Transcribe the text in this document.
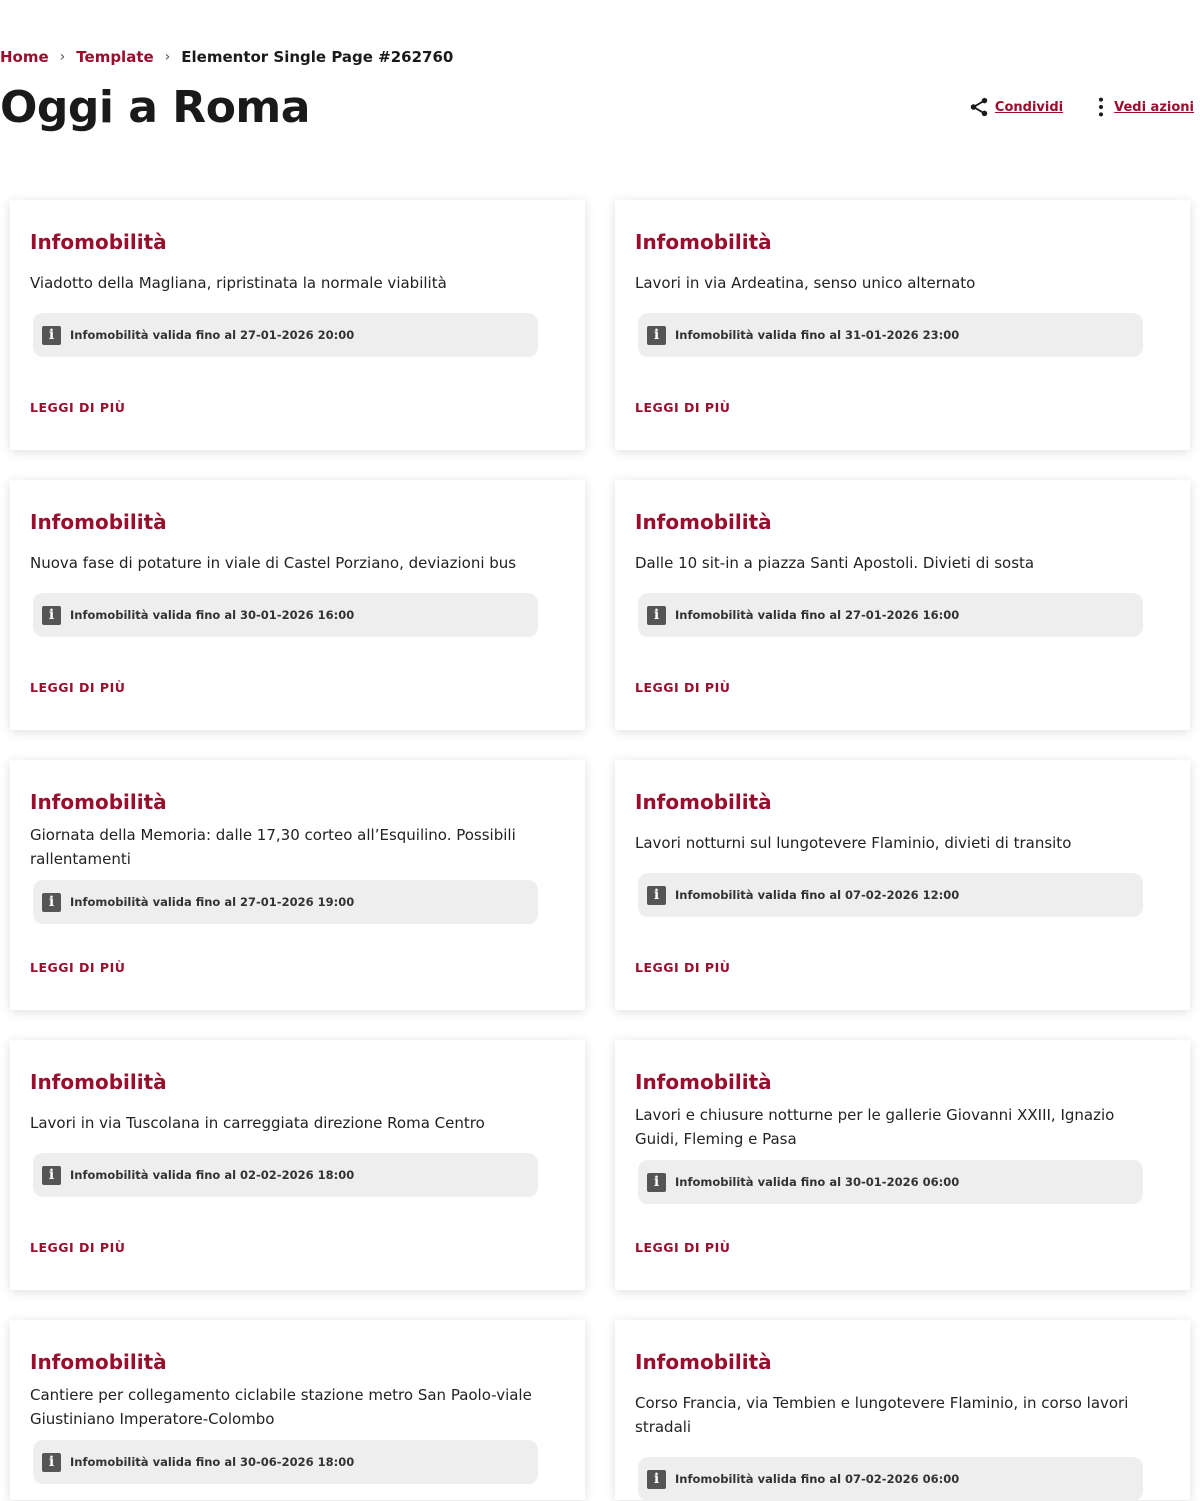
Home › Template › Elementor Single Page #262760
Oggi a Roma	Condividi	Vedi azioni
Infomobilità

Viadotto della Magliana, ripristinata la normale viabilità

i	Infomobilità valida fino al 27-01-2026 20:00
LEGGI DI PIÙ
Infomobilità

Lavori in via Ardeatina, senso unico alternato

i	Infomobilità valida fino al 31-01-2026 23:00
LEGGI DI PIÙ
Infomobilità

Nuova fase di potature in viale di Castel Porziano, deviazioni bus

i	Infomobilità valida fino al 30-01-2026 16:00
LEGGI DI PIÙ
Infomobilità

Dalle 10 sit-in a piazza Santi Apostoli. Divieti di sosta

i	Infomobilità valida fino al 27-01-2026 16:00
LEGGI DI PIÙ
Infomobilità

Giornata della Memoria: dalle 17,30 corteo all’Esquilino. Possibili rallentamenti

i	Infomobilità valida fino al 27-01-2026 19:00
LEGGI DI PIÙ
Infomobilità

Lavori notturni sul lungotevere Flaminio, divieti di transito

i	Infomobilità valida fino al 07-02-2026 12:00
LEGGI DI PIÙ
Infomobilità

Lavori in via Tuscolana in carreggiata direzione Roma Centro

i	Infomobilità valida fino al 02-02-2026 18:00
LEGGI DI PIÙ
Infomobilità

Lavori e chiusure notturne per le gallerie Giovanni XXIII, Ignazio Guidi, Fleming e Pasa

i	Infomobilità valida fino al 30-01-2026 06:00
LEGGI DI PIÙ
Infomobilità

Cantiere per collegamento ciclabile stazione metro San Paolo-viale Giustiniano Imperatore-Colombo

i	Infomobilità valida fino al 30-06-2026 18:00
Infomobilità

Corso Francia, via Tembien e lungotevere Flaminio, in corso lavori stradali

i	Infomobilità valida fino al 07-02-2026 06:00
